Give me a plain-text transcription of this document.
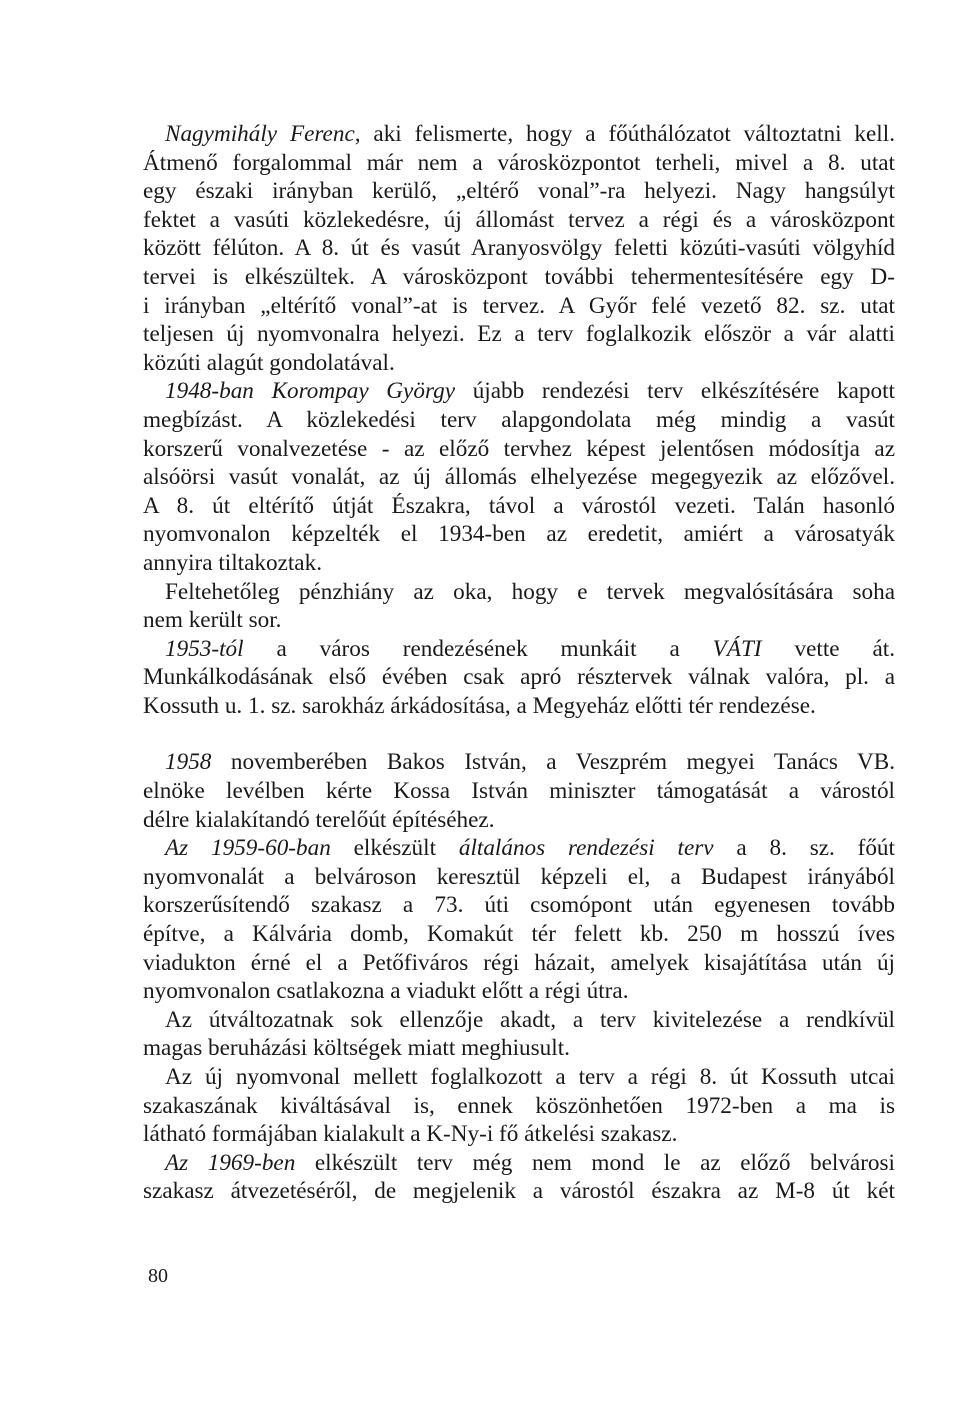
Nagymihály Ferenc, aki felismerte, hogy a főúthálózatot változtatni kell.
Átmenő forgalommal már nem a városközpontot terheli, mivel a 8. utat
egy északi irányban kerülő, „eltérő vonal”-ra helyezi. Nagy hangsúlyt
fektet a vasúti közlekedésre, új állomást tervez a régi és a városközpont
között félúton. A 8. út és vasút Aranyosvölgy feletti közúti-vasúti völgyhíd
tervei is elkészültek. A városközpont további tehermentesítésére egy D-
i irányban „eltérítő vonal”-at is tervez. A Győr felé vezető 82. sz. utat
teljesen új nyomvonalra helyezi. Ez a terv foglalkozik először a vár alatti
közúti alagút gondolatával.
1948-ban Korompay György újabb rendezési terv elkészítésére kapott
megbízást. A közlekedési terv alapgondolata még mindig a vasút
korszerű vonalvezetése - az előző tervhez képest jelentősen módosítja az
alsóörsi vasút vonalát, az új állomás elhelyezése megegyezik az előzővel.
A 8. út eltérítő útját Északra, távol a várostól vezeti. Talán hasonló
nyomvonalon képzelték el 1934-ben az eredetit, amiért a városatyák
annyira tiltakoztak.
Feltehetőleg pénzhiány az oka, hogy e tervek megvalósítására soha
nem került sor.
1953-tól a város rendezésének munkáit a VÁTI vette át.
Munkálkodásának első évében csak apró résztervek válnak valóra, pl. a
Kossuth u. 1. sz. sarokház árkádosítása, a Megyeház előtti tér rendezése.
1958 novemberében Bakos István, a Veszprém megyei Tanács VB.
elnöke levélben kérte Kossa István miniszter támogatását a várostól
délre kialakítandó terelőút építéséhez.
Az 1959-60-ban elkészült általános rendezési terv a 8. sz. főút
nyomvonalát a belvároson keresztül képzeli el, a Budapest irányából
korszerűsítendő szakasz a 73. úti csomópont után egyenesen tovább
építve, a Kálvária domb, Komakút tér felett kb. 250 m hosszú íves
viadukton érné el a Petőfiváros régi házait, amelyek kisajátítása után új
nyomvonalon csatlakozna a viadukt előtt a régi útra.
Az útváltozatnak sok ellenzője akadt, a terv kivitelezése a rendkívül
magas beruházási költségek miatt meghiusult.
Az új nyomvonal mellett foglalkozott a terv a régi 8. út Kossuth utcai
szakaszának kiváltásával is, ennek köszönhetően 1972-ben a ma is
látható formájában kialakult a K-Ny-i fő átkelési szakasz.
Az 1969-ben elkészült terv még nem mond le az előző belvárosi
szakasz átvezetéséről, de megjelenik a várostól északra az M-8 út két
80
